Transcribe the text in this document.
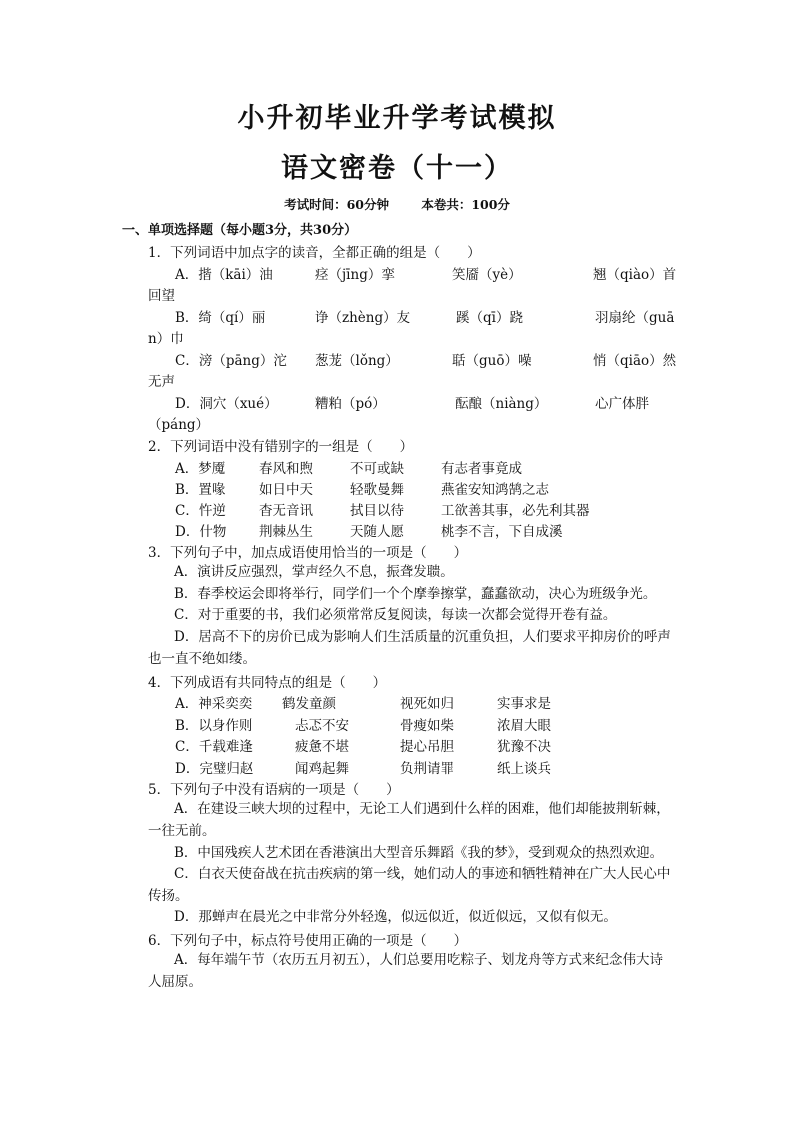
小升初毕业升学考试模拟
语文密卷（十一）
考试时间：60分钟	本卷共：100分
一、单项选择题（每小题3分，共30分）
1．下列词语中加点字的读音，全都正确的组是（　　）
A．揩（kāi）油	痉（jīng）挛	笑靥（yè）	翘（qiào）首
回望
B．绮（qí）丽	诤（zhèng）友	蹊（qī）跷	羽扇纶（guā
n）巾
C．滂（pāng）沱 葱茏（lǒng）	聒（guō）噪	悄（qiāo）然
无声
D．洞穴（xué）	糟粕（pó）	酝酿（niàng）	心广体胖
（páng）
2．下列词语中没有错别字的一组是（　　）
A．梦魇	春风和煦	不可或缺	有志者事竟成
B．置喙 如日中天	轻歌曼舞	燕雀安知鸿鹄之志
C．忤逆 杳无音讯	拭目以待	工欲善其事，必先利其器
D．什物 荆棘丛生	天随人愿	桃李不言，下自成溪
3．下列句子中，加点成语使用恰当的一项是（　　）
A．演讲反应强烈，掌声经久不息，振聋发聩。
B．春季校运会即将举行，同学们一个个摩拳擦掌，蠢蠢欲动，决心为班级争光。
C．对于重要的书，我们必须常常反复阅读，每读一次都会觉得开卷有益。
D．居高不下的房价已成为影响人们生活质量的沉重负担，人们要求平抑房价的呼声也一直不绝如缕。
4．下列成语有共同特点的组是（　　）
A．神采奕奕 鹤发童颜	视死如归	实事求是
B．以身作则	忐忑不安	骨瘦如柴	浓眉大眼
C．千载难逢	疲惫不堪	提心吊胆	犹豫不决
D．完璧归赵	闻鸡起舞	负荆请罪	纸上谈兵
5．下列句子中没有语病的一项是（　　）
A．在建设三峡大坝的过程中，无论工人们遇到什么样的困难，他们却能披荆斩棘，一往无前。
B．中国残疾人艺术团在香港演出大型音乐舞蹈《我的梦》，受到观众的热烈欢迎。
C．白衣天使奋战在抗击疾病的第一线，她们动人的事迹和牺牲精神在广大人民心中传扬。
D．那蝉声在晨光之中非常分外轻逸，似远似近，似近似远，又似有似无。
6．下列句子中，标点符号使用正确的一项是（　　）
A．每年端午节（农历五月初五），人们总要用吃粽子、划龙舟等方式来纪念伟大诗人屈原。
